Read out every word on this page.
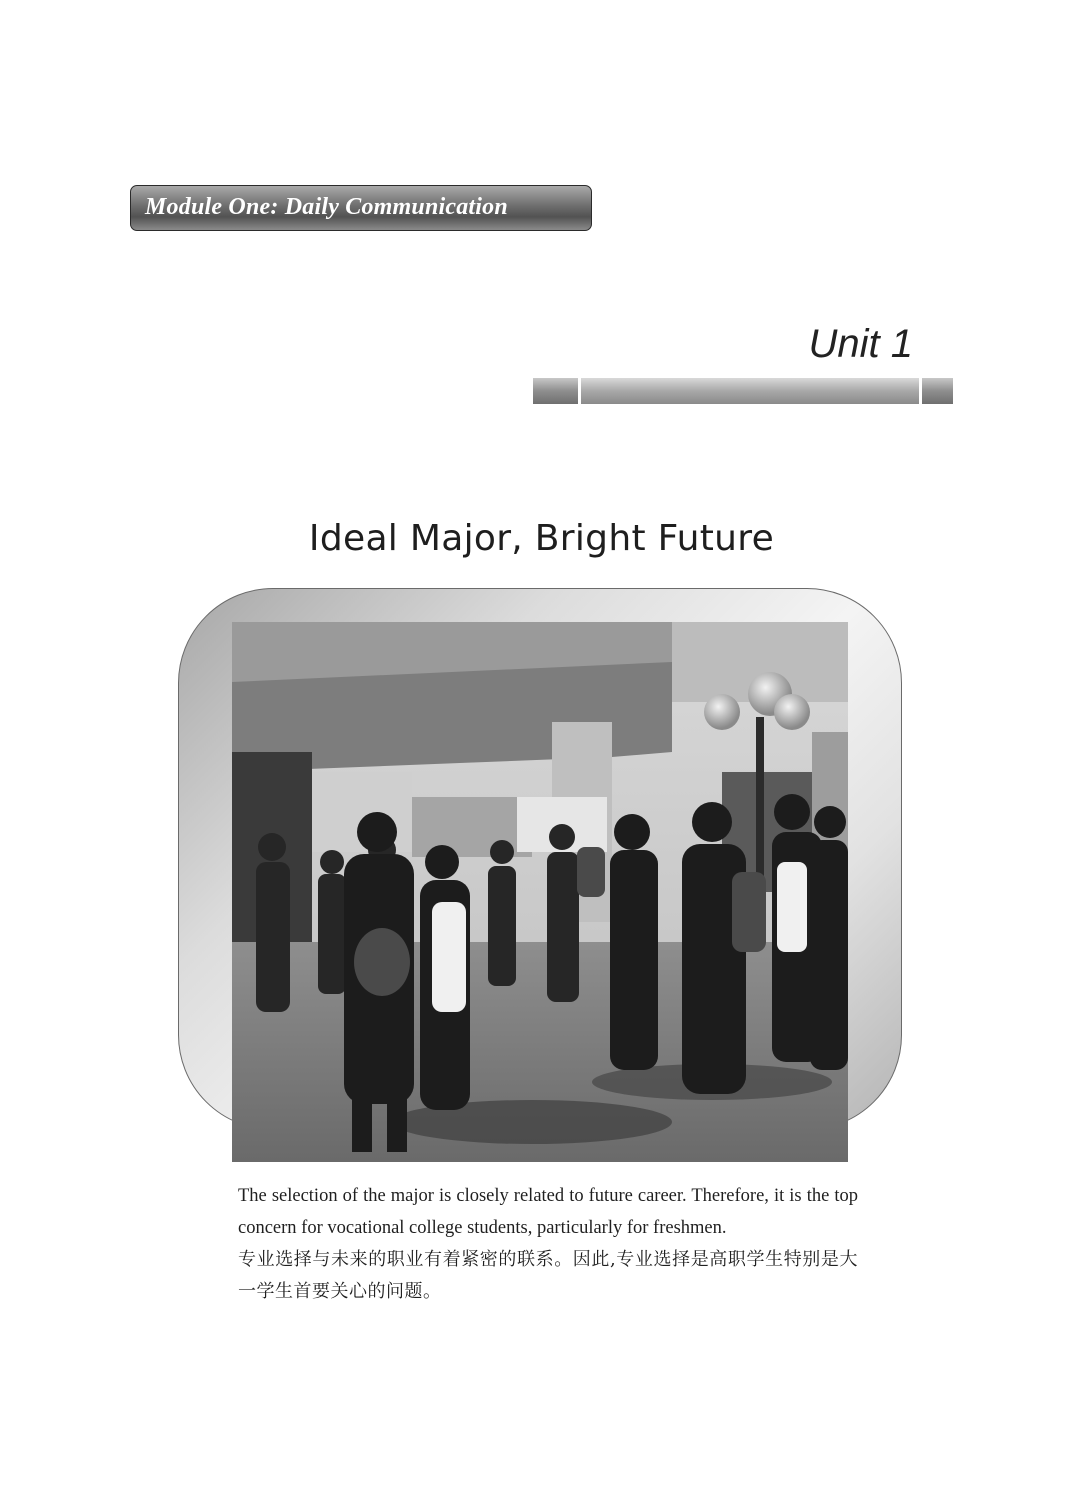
Module One: Daily Communication
Unit 1
Ideal Major, Bright Future

The selection of the major is closely related to future career. Therefore, it is the top concern for vocational college students, particularly for freshmen.

专业选择与未来的职业有着紧密的联系。因此,专业选择是高职学生特别是大一学生首要关心的问题。
